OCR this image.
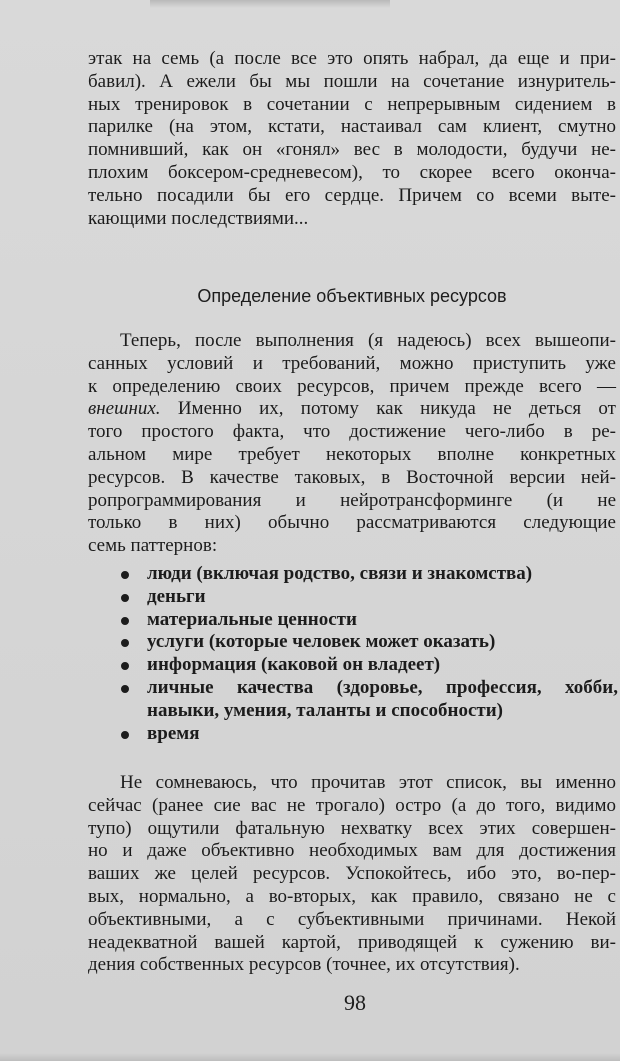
этак на семь (а после все это опять набрал, да еще и при-
бавил). А ежели бы мы пошли на сочетание изнуритель-
ных тренировок в сочетании с непрерывным сидением в
парилке (на этом, кстати, настаивал сам клиент, смутно
помнивший, как он «гонял» вес в молодости, будучи не-
плохим боксером-средневесом), то скорее всего оконча-
тельно посадили бы его сердце. Причем со всеми выте-
кающими последствиями...
Определение объективных ресурсов
Теперь, после выполнения (я надеюсь) всех вышеопи-
санных условий и требований, можно приступить уже
к определению своих ресурсов, причем прежде всего —
внешних. Именно их, потому как никуда не деться от
того простого факта, что достижение чего-либо в ре-
альном мире требует некоторых вполне конкретных
ресурсов. В качестве таковых, в Восточной версии ней-
ропрограммирования и нейротрансформинге (и не
только в них) обычно рассматриваются следующие
семь паттернов:
люди (включая родство, связи и знакомства)
деньги
материальные ценности
услуги (которые человек может оказать)
информация (каковой он владеет)
личные качества (здоровье, профессия, хобби,
навыки, умения, таланты и способности)
время
Не сомневаюсь, что прочитав этот список, вы именно
сейчас (ранее сие вас не трогало) остро (а до того, видимо
тупо) ощутили фатальную нехватку всех этих совершен-
но и даже объективно необходимых вам для достижения
ваших же целей ресурсов. Успокойтесь, ибо это, во-пер-
вых, нормально, а во-вторых, как правило, связано не с
объективными, а с субъективными причинами. Некой
неадекватной вашей картой, приводящей к сужению ви-
дения собственных ресурсов (точнее, их отсутствия).
98
